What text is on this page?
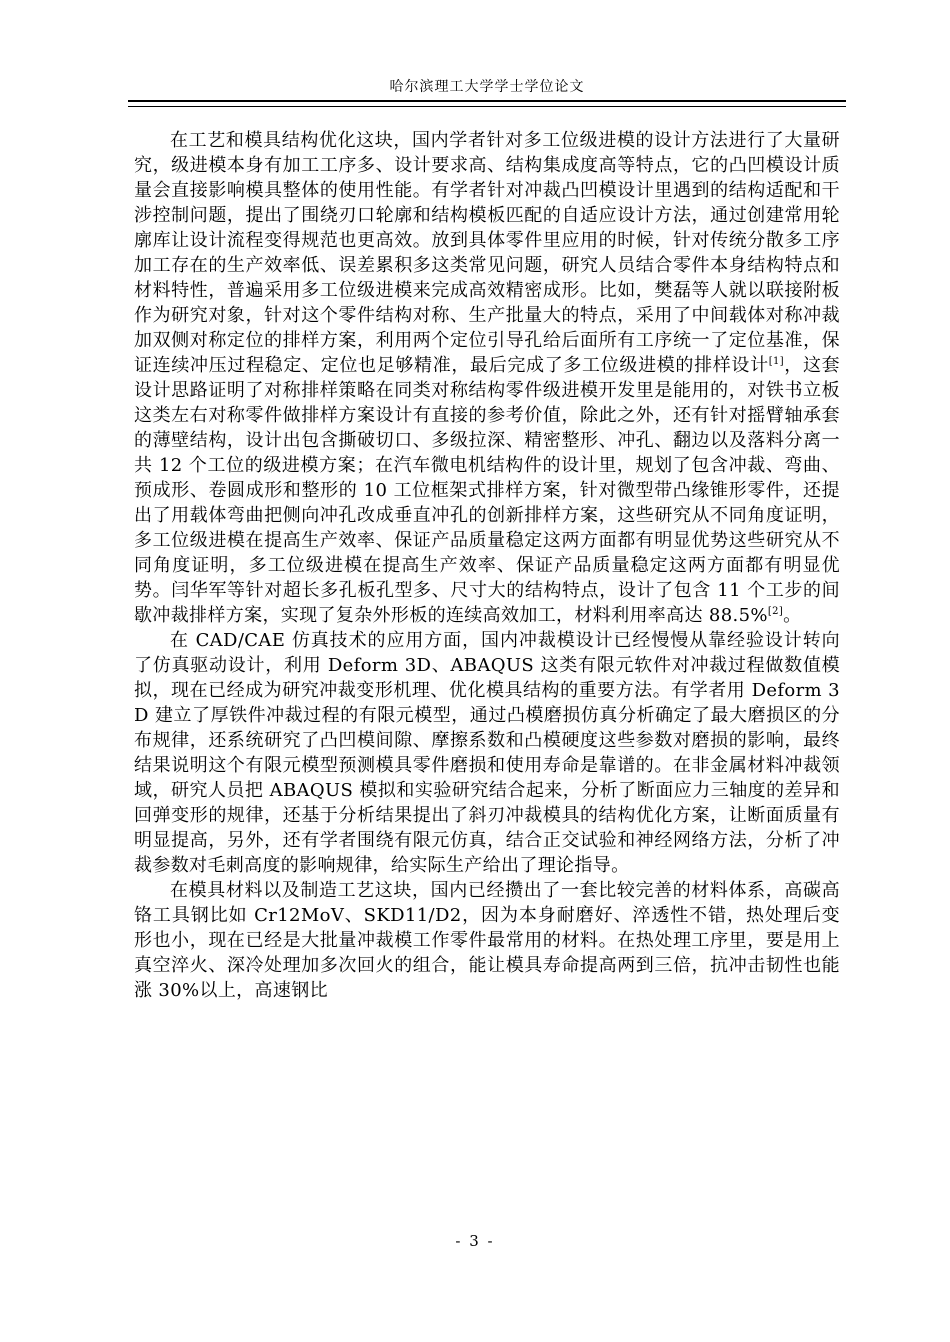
哈尔滨理工大学学士学位论文

在工艺和模具结构优化这块，国内学者针对多工位级进模的设计方法进行了大量研究，级进模本身有加工工序多、设计要求高、结构集成度高等特点，它的凸凹模设计质量会直接影响模具整体的使用性能。有学者针对冲裁凸凹模设计里遇到的结构适配和干涉控制问题，提出了围绕刃口轮廓和结构模板匹配的自适应设计方法，通过创建常用轮廓库让设计流程变得规范也更高效。放到具体零件里应用的时候，针对传统分散多工序加工存在的生产效率低、误差累积多这类常见问题，研究人员结合零件本身结构特点和材料特性，普遍采用多工位级进模来完成高效精密成形。比如，樊磊等人就以联接附板作为研究对象，针对这个零件结构对称、生产批量大的特点，采用了中间载体对称冲裁加双侧对称定位的排样方案，利用两个定位引导孔给后面所有工序统一了定位基准，保证连续冲压过程稳定、定位也足够精准，最后完成了多工位级进模的排样设计[1]，这套设计思路证明了对称排样策略在同类对称结构零件级进模开发里是能用的，对铁书立板这类左右对称零件做排样方案设计有直接的参考价值，除此之外，还有针对摇臂轴承套的薄壁结构，设计出包含撕破切口、多级拉深、精密整形、冲孔、翻边以及落料分离一共 12 个工位的级进模方案；在汽车微电机结构件的设计里，规划了包含冲裁、弯曲、预成形、卷圆成形和整形的 10 工位框架式排样方案，针对微型带凸缘锥形零件，还提出了用载体弯曲把侧向冲孔改成垂直冲孔的创新排样方案，这些研究从不同角度证明，多工位级进模在提高生产效率、保证产品质量稳定这两方面都有明显优势这些研究从不同角度证明，多工位级进模在提高生产效率、保证产品质量稳定这两方面都有明显优势。闫华军等针对超长多孔板孔型多、尺寸大的结构特点，设计了包含 11 个工步的间歇冲裁排样方案，实现了复杂外形板的连续高效加工，材料利用率高达 88.5%[2]。

在 CAD/CAE 仿真技术的应用方面，国内冲裁模设计已经慢慢从靠经验设计转向了仿真驱动设计，利用 Deform 3D、ABAQUS 这类有限元软件对冲裁过程做数值模拟，现在已经成为研究冲裁变形机理、优化模具结构的重要方法。有学者用 Deform 3D 建立了厚铁件冲裁过程的有限元模型，通过凸模磨损仿真分析确定了最大磨损区的分布规律，还系统研究了凸凹模间隙、摩擦系数和凸模硬度这些参数对磨损的影响，最终结果说明这个有限元模型预测模具零件磨损和使用寿命是靠谱的。在非金属材料冲裁领域，研究人员把 ABAQUS 模拟和实验研究结合起来，分析了断面应力三轴度的差异和回弹变形的规律，还基于分析结果提出了斜刃冲裁模具的结构优化方案，让断面质量有明显提高，另外，还有学者围绕有限元仿真，结合正交试验和神经网络方法，分析了冲裁参数对毛刺高度的影响规律，给实际生产给出了理论指导。

在模具材料以及制造工艺这块，国内已经攒出了一套比较完善的材料体系，高碳高铬工具钢比如 Cr12MoV、SKD11/D2，因为本身耐磨好、淬透性不错，热处理后变形也小，现在已经是大批量冲裁模工作零件最常用的材料。在热处理工序里，要是用上真空淬火、深冷处理加多次回火的组合，能让模具寿命提高两到三倍，抗冲击韧性也能涨 30%以上，高速钢比

- 3 -
